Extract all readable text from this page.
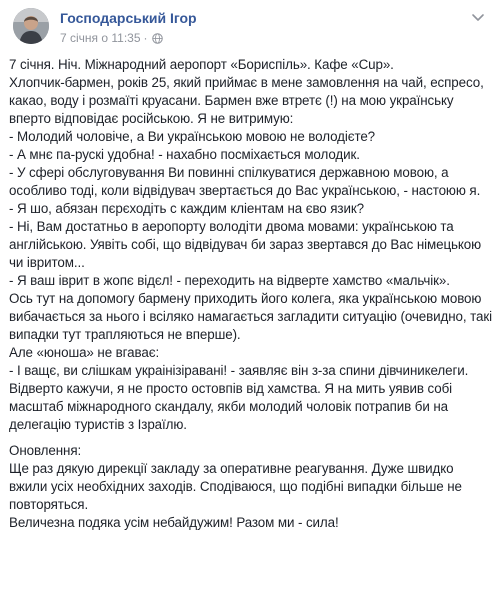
Господарський Ігор
7 січня о 11:35 ·

7 січня. Ніч. Міжнародний аеропорт «Бориспіль». Кафе «Cup».

Хлопчик-бармен, років 25, який приймає в мене замовлення на чай, еспресо, какао, воду і розмаїті круасани. Бармен вже втретє (!) на мою українську вперто відповідає російською. Я не витримую:

- Молодий чоловіче, а Ви українською мовою не володієте?

- А мнє па-рускі удобна! - нахабно посміхається молодик.

- У сфері обслуговування Ви повинні спілкуватися державною мовою, а особливо тоді, коли відвідувач звертається до Вас українською, - настоюю я.

- Я шо, абязан пєрєходіть с каждим кліентам на єво язик?

- Ні, Вам достатньо в аеропорту володіти двома мовами: українською та англійською. Уявіть собі, що відвідувач би зараз звертався до Вас німецькою чи івритом...

- Я ваш іврит в жопє відєл! - переходить на відверте хамство «мальчік».

Ось тут на допомогу бармену приходить його колега, яка українською мовою вибачається за нього і всіляко намагається загладити ситуацію (очевидно, такі випадки тут трапляються не вперше).

Але «юноша» не вгаває:

- І ващє, ви слішкам украінізіравані! - заявляє він з-за спини дівчиникелеги.

Відверто кажучи, я не просто остовпів від хамства. Я на мить уявив собі масштаб міжнародного скандалу, якби молодий чоловік потрапив би на делегацію туристів з Ізраїлю.

Оновлення:

Ще раз дякую дирекції закладу за оперативне реагування. Дуже швидко вжили усіх необхідних заходів. Сподіваюся, що подібні випадки більше не повторяться.

Величезна подяка усім небайдужим! Разом ми - сила!
